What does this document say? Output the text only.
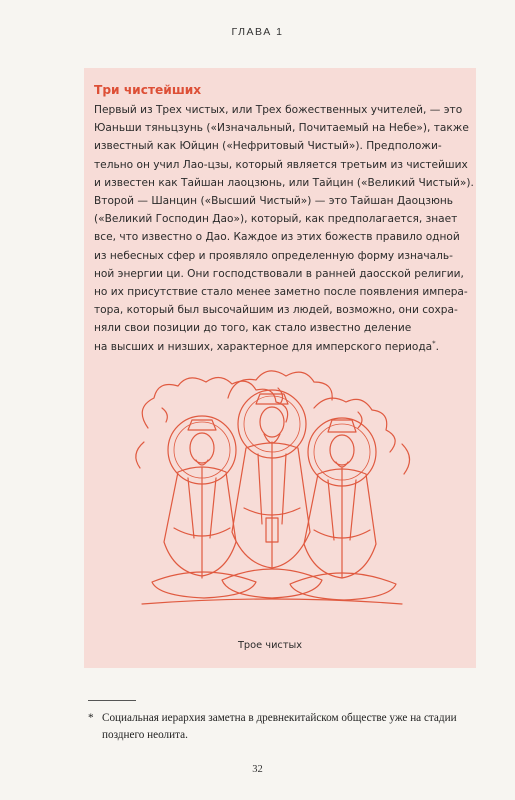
ГЛАВА 1
Три чистейших

Первый из Трех чистых, или Трех божественных учителей, — это
Юаньши тяньцзунь («Изначальный, Почитаемый на Небе»), также
известный как Юйцин («Нефритовый Чистый»). Предположи-
тельно он учил Лао-цзы, который является третьим из чистейших
и известен как Тайшан лаоцзюнь, или Тайцин («Великий Чистый»).
Второй — Шанцин («Высший Чистый») — это Тайшан Даоцзюнь
(«Великий Господин Дао»), который, как предполагается, знает
все, что известно о Дао. Каждое из этих божеств правило одной
из небесных сфер и проявляло определенную форму изначаль-
ной энергии ци. Они господствовали в ранней даосской религии,
но их присутствие стало менее заметно после появления импера-
тора, который был высочайшим из людей, возможно, они сохра-
няли свои позиции до того, как стало известно деление
на высших и низших, характерное для имперского периода*.

Трое чистых
* Социальная иерархия заметна в древнекитайском обществе уже на стадии
позднего неолита.
32
